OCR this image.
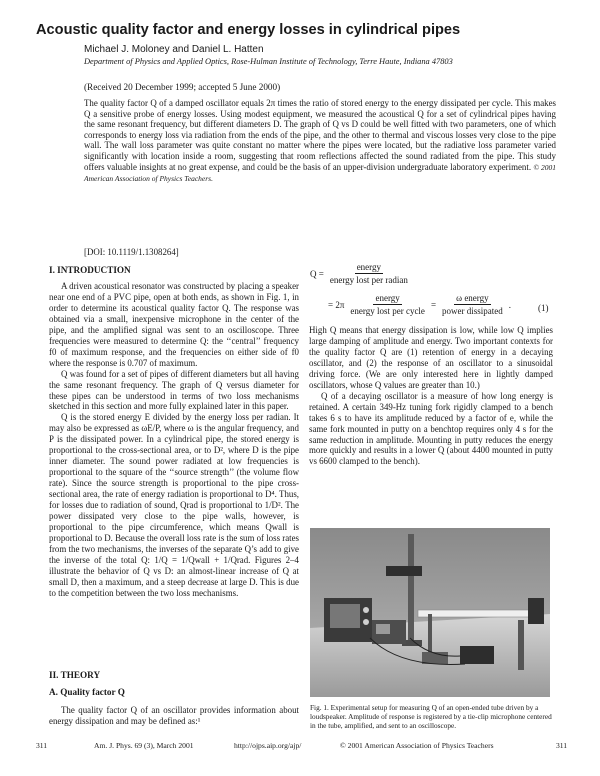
Acoustic quality factor and energy losses in cylindrical pipes
Michael J. Moloney and Daniel L. Hatten
Department of Physics and Applied Optics, Rose-Hulman Institute of Technology, Terre Haute, Indiana 47803
(Received 20 December 1999; accepted 5 June 2000)

The quality factor Q of a damped oscillator equals 2π times the ratio of stored energy to the energy dissipated per cycle. This makes Q a sensitive probe of energy losses. Using modest equipment, we measured the acoustical Q for a set of cylindrical pipes having the same resonant frequency, but different diameters D. The graph of Q vs D could be well fitted with two parameters, one of which corresponds to energy loss via radiation from the ends of the pipe, and the other to thermal and viscous losses very close to the pipe wall. The wall loss parameter was quite constant no matter where the pipes were located, but the radiative loss parameter varied significantly with location inside a room, suggesting that room reflections affected the sound radiated from the pipe. This study offers valuable insights at no great expense, and could be the basis of an upper-division undergraduate laboratory experiment. © 2001 American Association of Physics Teachers.

[DOI: 10.1119/1.1308264]
I. INTRODUCTION

A driven acoustical resonator was constructed by placing a speaker near one end of a PVC pipe, open at both ends, as shown in Fig. 1, in order to determine its acoustical quality factor Q. The response was obtained via a small, inexpensive microphone in the center of the pipe, and the amplified signal was sent to an oscilloscope. Three frequencies were measured to determine Q: the ‘‘central’’ frequency f0 of maximum response, and the frequencies on either side of f0 where the response is 0.707 of maximum.

Q was found for a set of pipes of different diameters but all having the same resonant frequency. The graph of Q versus diameter for these pipes can be understood in terms of two loss mechanisms sketched in this section and more fully explained later in this paper.

Q is the stored energy E divided by the energy loss per radian. It may also be expressed as ωE/P, where ω is the angular frequency, and P is the dissipated power. In a cylindrical pipe, the stored energy is proportional to the cross-sectional area, or to D², where D is the pipe inner diameter. The sound power radiated at low frequencies is proportional to the square of the ‘‘source strength’’ (the volume flow rate). Since the source strength is proportional to the pipe cross-sectional area, the rate of energy radiation is proportional to D⁴. Thus, for losses due to radiation of sound, Qrad is proportional to 1/D². The power dissipated very close to the pipe walls, however, is proportional to the pipe circumference, which means Qwall is proportional to D. Because the overall loss rate is the sum of loss rates from the two mechanisms, the inverses of the separate Q’s add to give the inverse of the total Q: 1/Q = 1/Qwall + 1/Qrad. Figures 2–4 illustrate the behavior of Q vs D: an almost-linear increase of Q at small D, then a maximum, and a steep decrease at large D. This is due to the competition between the two loss mechanisms.

II. THEORY
A. Quality factor Q

The quality factor Q of an oscillator provides information about energy dissipation and may be defined as:¹

$Q = \frac{\text{energy}}{\text{energy lost per radian}}$
= $2\pi \frac{\text{energy}}{\text{energy lost per cycle}} = \frac{\text{ω energy}}{\text{power dissipated}}$ .	(1)

High Q means that energy dissipation is low, while low Q implies large damping of amplitude and energy. Two important contexts for the quality factor Q are (1) retention of energy in a decaying oscillator, and (2) the response of an oscillator to a sinusoidal driving force. (We are only interested here in lightly damped oscillators, whose Q values are greater than 10.)

Q of a decaying oscillator is a measure of how long energy is retained. A certain 349-Hz tuning fork rigidly clamped to a bench takes 6 s to have its amplitude reduced by a factor of e, while the same fork mounted in putty on a benchtop requires only 4 s for the same reduction in amplitude. Mounting in putty reduces the energy more quickly and results in a lower Q (about 4400 mounted in putty vs 6600 clamped to the bench).

Fig. 1. Experimental setup for measuring Q of an open-ended tube driven by a loudspeaker. Amplitude of response is registered by a tie-clip microphone centered in the tube, amplified, and sent to an oscilloscope.

311	Am. J. Phys. 69 (3), March 2001	http://ojps.aip.org/ajp/	© 2001 American Association of Physics Teachers	311
